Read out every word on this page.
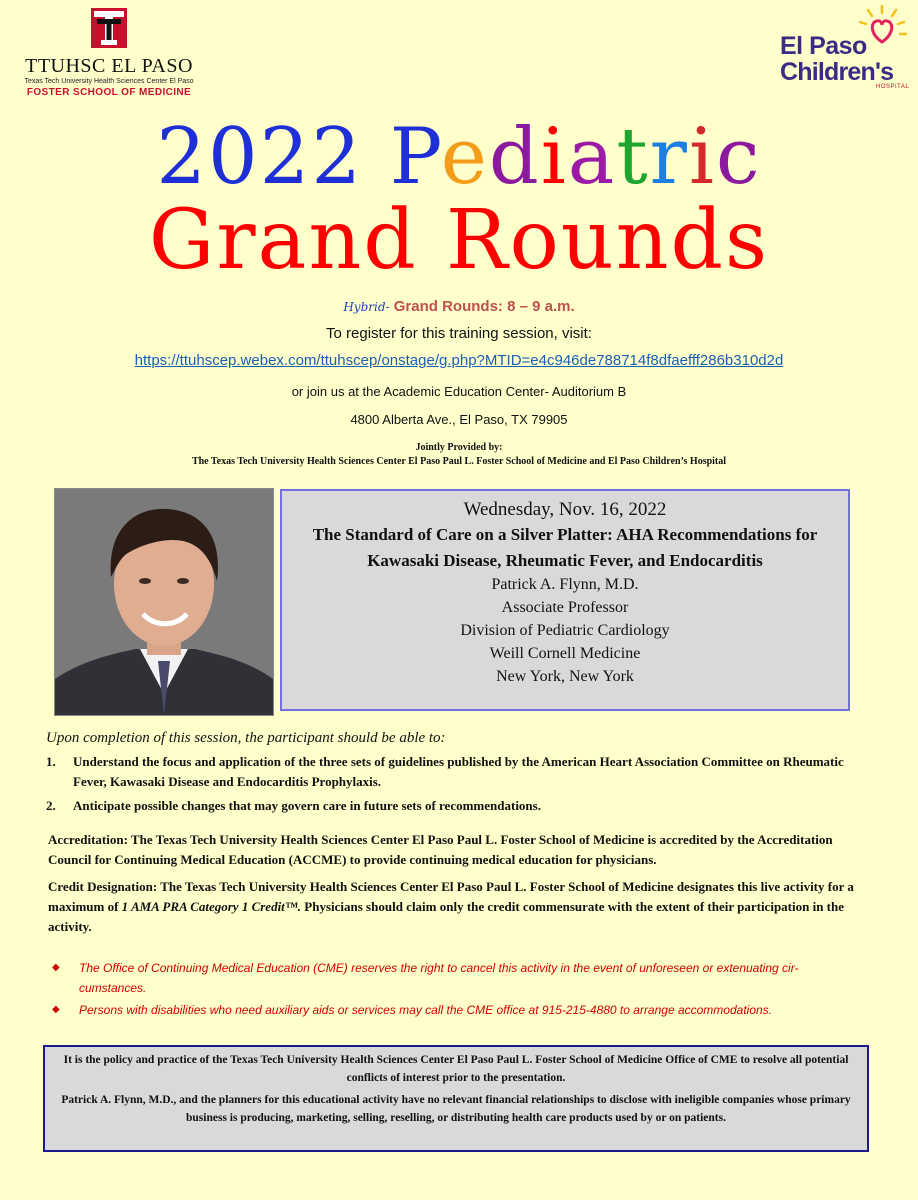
TTUHSC EL PASO
Texas Tech University Health Sciences Center El Paso
FOSTER SCHOOL OF MEDICINE
El Paso
Children's
HOSPITAL
2022 Pediatric
Grand Rounds
Hybrid- Grand Rounds: 8 – 9 a.m.
To register for this training session, visit:
https://ttuhscep.webex.com/ttuhscep/onstage/g.php?MTID=e4c946de788714f8dfaefff286b310d2d
or join us at the Academic Education Center- Auditorium B
4800 Alberta Ave., El Paso, TX 79905
Jointly Provided by:
The Texas Tech University Health Sciences Center El Paso Paul L. Foster School of Medicine and El Paso Children’s Hospital
Wednesday, Nov. 16, 2022
The Standard of Care on a Silver Platter: AHA Recommendations for
Kawasaki Disease, Rheumatic Fever, and Endocarditis
Patrick A. Flynn, M.D.
Associate Professor
Division of Pediatric Cardiology
Weill Cornell Medicine
New York, New York
Upon completion of this session, the participant should be able to:
1.	Understand the focus and application of the three sets of guidelines published by the American Heart Association Committee on Rheumatic Fever, Kawasaki Disease and Endocarditis Prophylaxis.
2.	Anticipate possible changes that may govern care in future sets of recommendations.
Accreditation: The Texas Tech University Health Sciences Center El Paso Paul L. Foster School of Medicine is accredited by the Accreditation Council for Continuing Medical Education (ACCME) to provide continuing medical education for physicians.
Credit Designation: The Texas Tech University Health Sciences Center El Paso Paul L. Foster School of Medicine designates this live activity for a maximum of 1 AMA PRA Category 1 Credit™. Physicians should claim only the credit commensurate with the extent of their participation in the activity.
◆	The Office of Continuing Medical Education (CME) reserves the right to cancel this activity in the event of unforeseen or extenuating cir-cumstances.
◆	Persons with disabilities who need auxiliary aids or services may call the CME office at 915-215-4880 to arrange accommodations.

It is the policy and practice of the Texas Tech University Health Sciences Center El Paso Paul L. Foster School of Medicine Office of CME to resolve all potential conflicts of interest prior to the presentation.

Patrick A. Flynn, M.D., and the planners for this educational activity have no relevant financial relationships to disclose with ineligible companies whose primary business is producing, marketing, selling, reselling, or distributing health care products used by or on patients.
